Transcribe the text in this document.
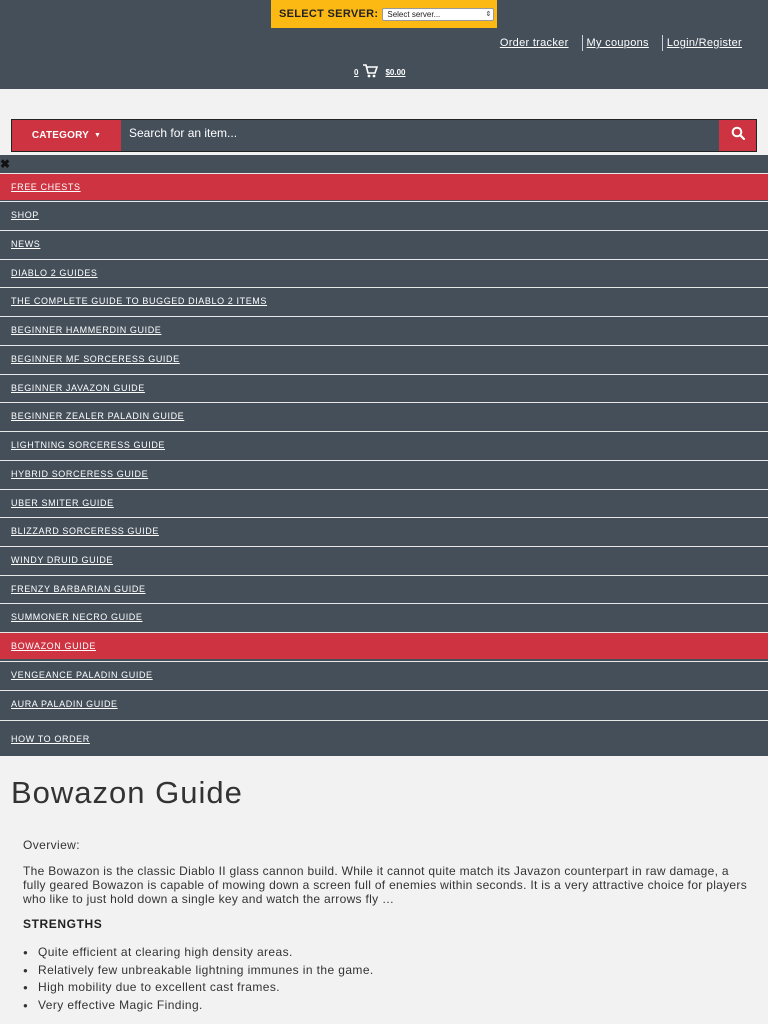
SELECT SERVER: Select server...	⇕
Order tracker My coupons Login/Register
0	$0.00
CATEGORY ▼	Search for an item...
FREE CHESTS
SHOP
NEWS
DIABLO 2 GUIDES
THE COMPLETE GUIDE TO BUGGED DIABLO 2 ITEMS
BEGINNER HAMMERDIN GUIDE
BEGINNER MF SORCERESS GUIDE
BEGINNER JAVAZON GUIDE
BEGINNER ZEALER PALADIN GUIDE
LIGHTNING SORCERESS GUIDE
HYBRID SORCERESS GUIDE
UBER SMITER GUIDE
BLIZZARD SORCERESS GUIDE
WINDY DRUID GUIDE
FRENZY BARBARIAN GUIDE
SUMMONER NECRO GUIDE
BOWAZON GUIDE
VENGEANCE PALADIN GUIDE
AURA PALADIN GUIDE
HOW TO ORDER
✖
Bowazon Guide
Overview:

The Bowazon is the classic Diablo II glass cannon build. While it cannot quite match its Javazon counterpart in raw damage, a fully geared Bowazon is capable of mowing down a screen full of enemies within seconds. It is a very attractive choice for players who like to just hold down a single key and watch the arrows fly …

STRENGTHS
● Quite efficient at clearing high density areas.
● Relatively few unbreakable lightning immunes in the game.
● High mobility due to excellent cast frames.
● Very effective Magic Finding.
